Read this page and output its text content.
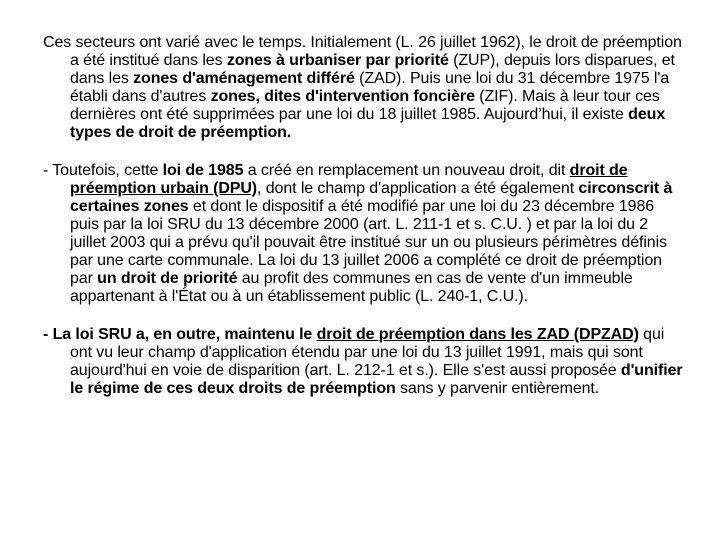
Ces secteurs ont varié avec le temps. Initialement (L. 26 juillet 1962), le droit de préemption a été institué dans les zones à urbaniser par priorité (ZUP), depuis lors disparues, et dans les zones d'aménagement différé (ZAD). Puis une loi du 31 décembre 1975 l'a établi dans d'autres zones, dites d'intervention foncière (ZIF). Mais à leur tour ces dernières ont été supprimées par une loi du 18 juillet 1985. Aujourd’hui, il existe deux types de droit de préemption.

- Toutefois, cette loi de 1985 a créé en remplacement un nouveau droit, dit droit de préemption urbain (DPU), dont le champ d'application a été également circonscrit à certaines zones et dont le dispositif a été modifié par une loi du 23 décembre 1986 puis par la loi SRU du 13 décembre 2000 (art. L. 211-1 et s. C.U. ) et par la loi du 2 juillet 2003 qui a prévu qu'il pouvait être institué sur un ou plusieurs périmètres définis par une carte communale. La loi du 13 juillet 2006 a complété ce droit de préemption par un droit de priorité au profit des communes en cas de vente d'un immeuble appartenant à l'État ou à un établissement public (L. 240-1, C.U.).

- La loi SRU a, en outre, maintenu le droit de préemption dans les ZAD (DPZAD) qui ont vu leur champ d'application étendu par une loi du 13 juillet 1991, mais qui sont aujourd'hui en voie de disparition (art. L. 212-1 et s.). Elle s'est aussi proposée d'unifier le régime de ces deux droits de préemption sans y parvenir entièrement.
